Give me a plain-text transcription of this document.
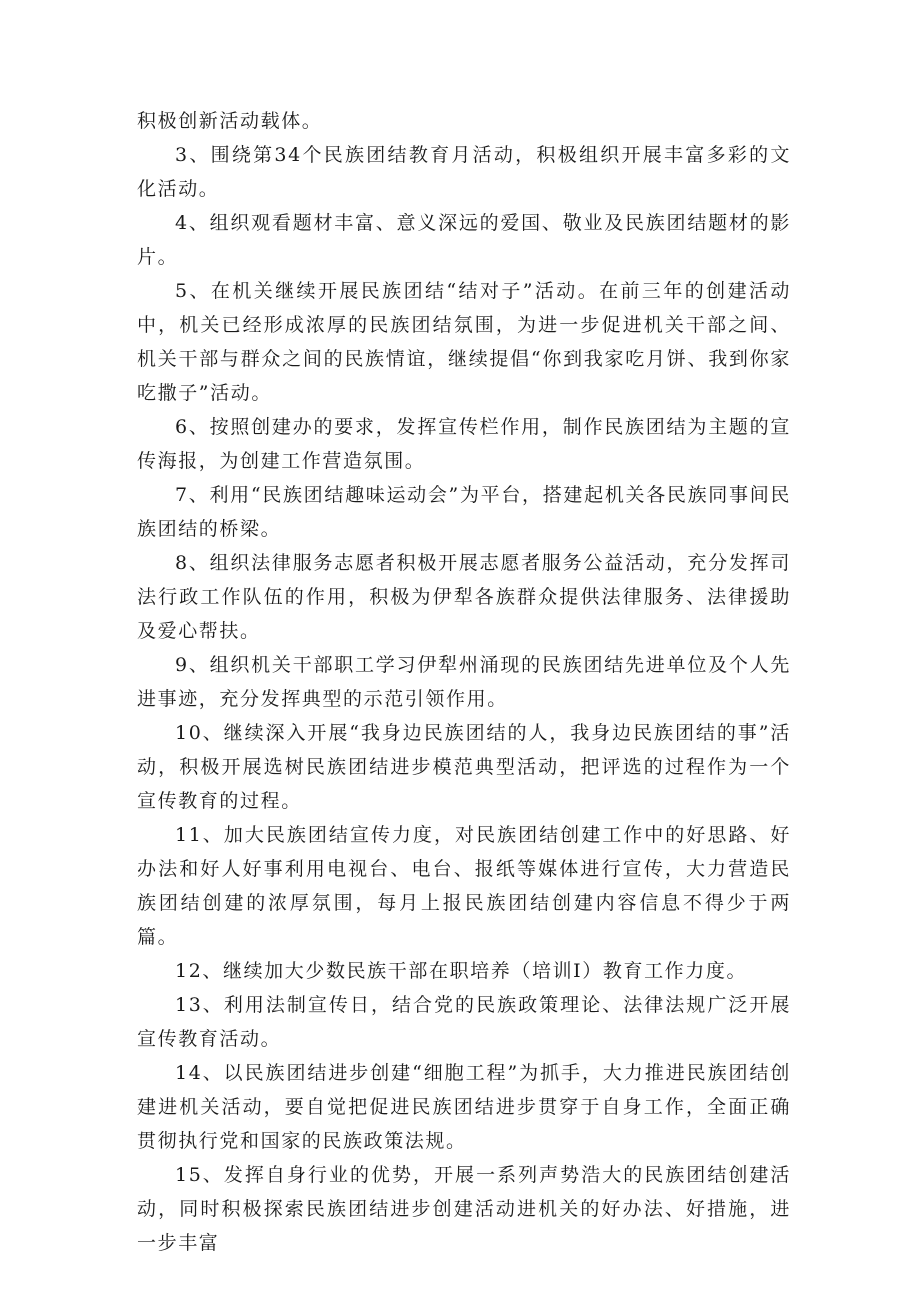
积极创新活动载体。

3、围绕第34个民族团结教育月活动，积极组织开展丰富多彩的文化活动。

4、组织观看题材丰富、意义深远的爱国、敬业及民族团结题材的影片。

5、在机关继续开展民族团结“结对子”活动。在前三年的创建活动中，机关已经形成浓厚的民族团结氛围，为进一步促进机关干部之间、机关干部与群众之间的民族情谊，继续提倡“你到我家吃月饼、我到你家吃撒子”活动。

6、按照创建办的要求，发挥宣传栏作用，制作民族团结为主题的宣传海报，为创建工作营造氛围。

7、利用“民族团结趣味运动会”为平台，搭建起机关各民族同事间民族团结的桥梁。

8、组织法律服务志愿者积极开展志愿者服务公益活动，充分发挥司法行政工作队伍的作用，积极为伊犁各族群众提供法律服务、法律援助及爱心帮扶。

9、组织机关干部职工学习伊犁州涌现的民族团结先进单位及个人先进事迹，充分发挥典型的示范引领作用。

10、继续深入开展“我身边民族团结的人，我身边民族团结的事”活动，积极开展选树民族团结进步模范典型活动，把评选的过程作为一个宣传教育的过程。

11、加大民族团结宣传力度，对民族团结创建工作中的好思路、好办法和好人好事利用电视台、电台、报纸等媒体进行宣传，大力营造民族团结创建的浓厚氛围，每月上报民族团结创建内容信息不得少于两篇。

12、继续加大少数民族干部在职培养（培训Ⅰ）教育工作力度。

13、利用法制宣传日，结合党的民族政策理论、法律法规广泛开展宣传教育活动。

14、以民族团结进步创建“细胞工程”为抓手，大力推进民族团结创建进机关活动，要自觉把促进民族团结进步贯穿于自身工作，全面正确贯彻执行党和国家的民族政策法规。

15、发挥自身行业的优势，开展一系列声势浩大的民族团结创建活动，同时积极探索民族团结进步创建活动进机关的好办法、好措施，进一步丰富
